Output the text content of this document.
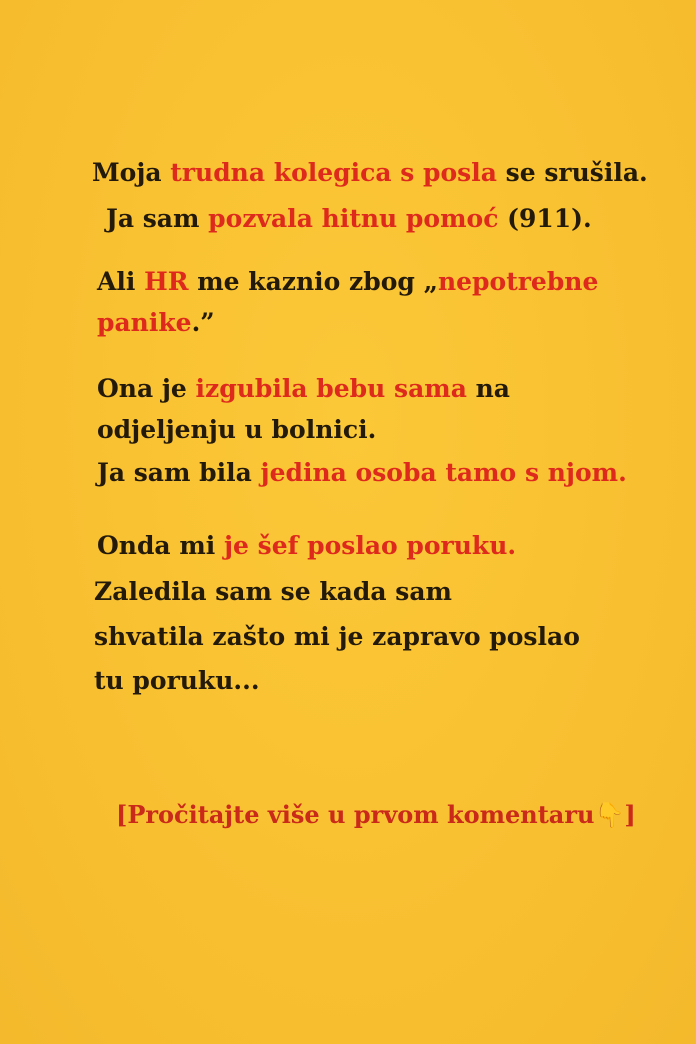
Moja trudna kolegica s posla se srušila.
Ja sam pozvala hitnu pomoć (911).
Ali HR me kaznio zbog „nepotrebne
panike.”
Ona je izgubila bebu sama na
odjeljenju u bolnici.
Ja sam bila jedina osoba tamo s njom.
Onda mi je šef poslao poruku.
Zaledila sam se kada sam
shvatila zašto mi je zapravo poslao
tu poruku...
[Pročitajte više u prvom komentaru👇]
